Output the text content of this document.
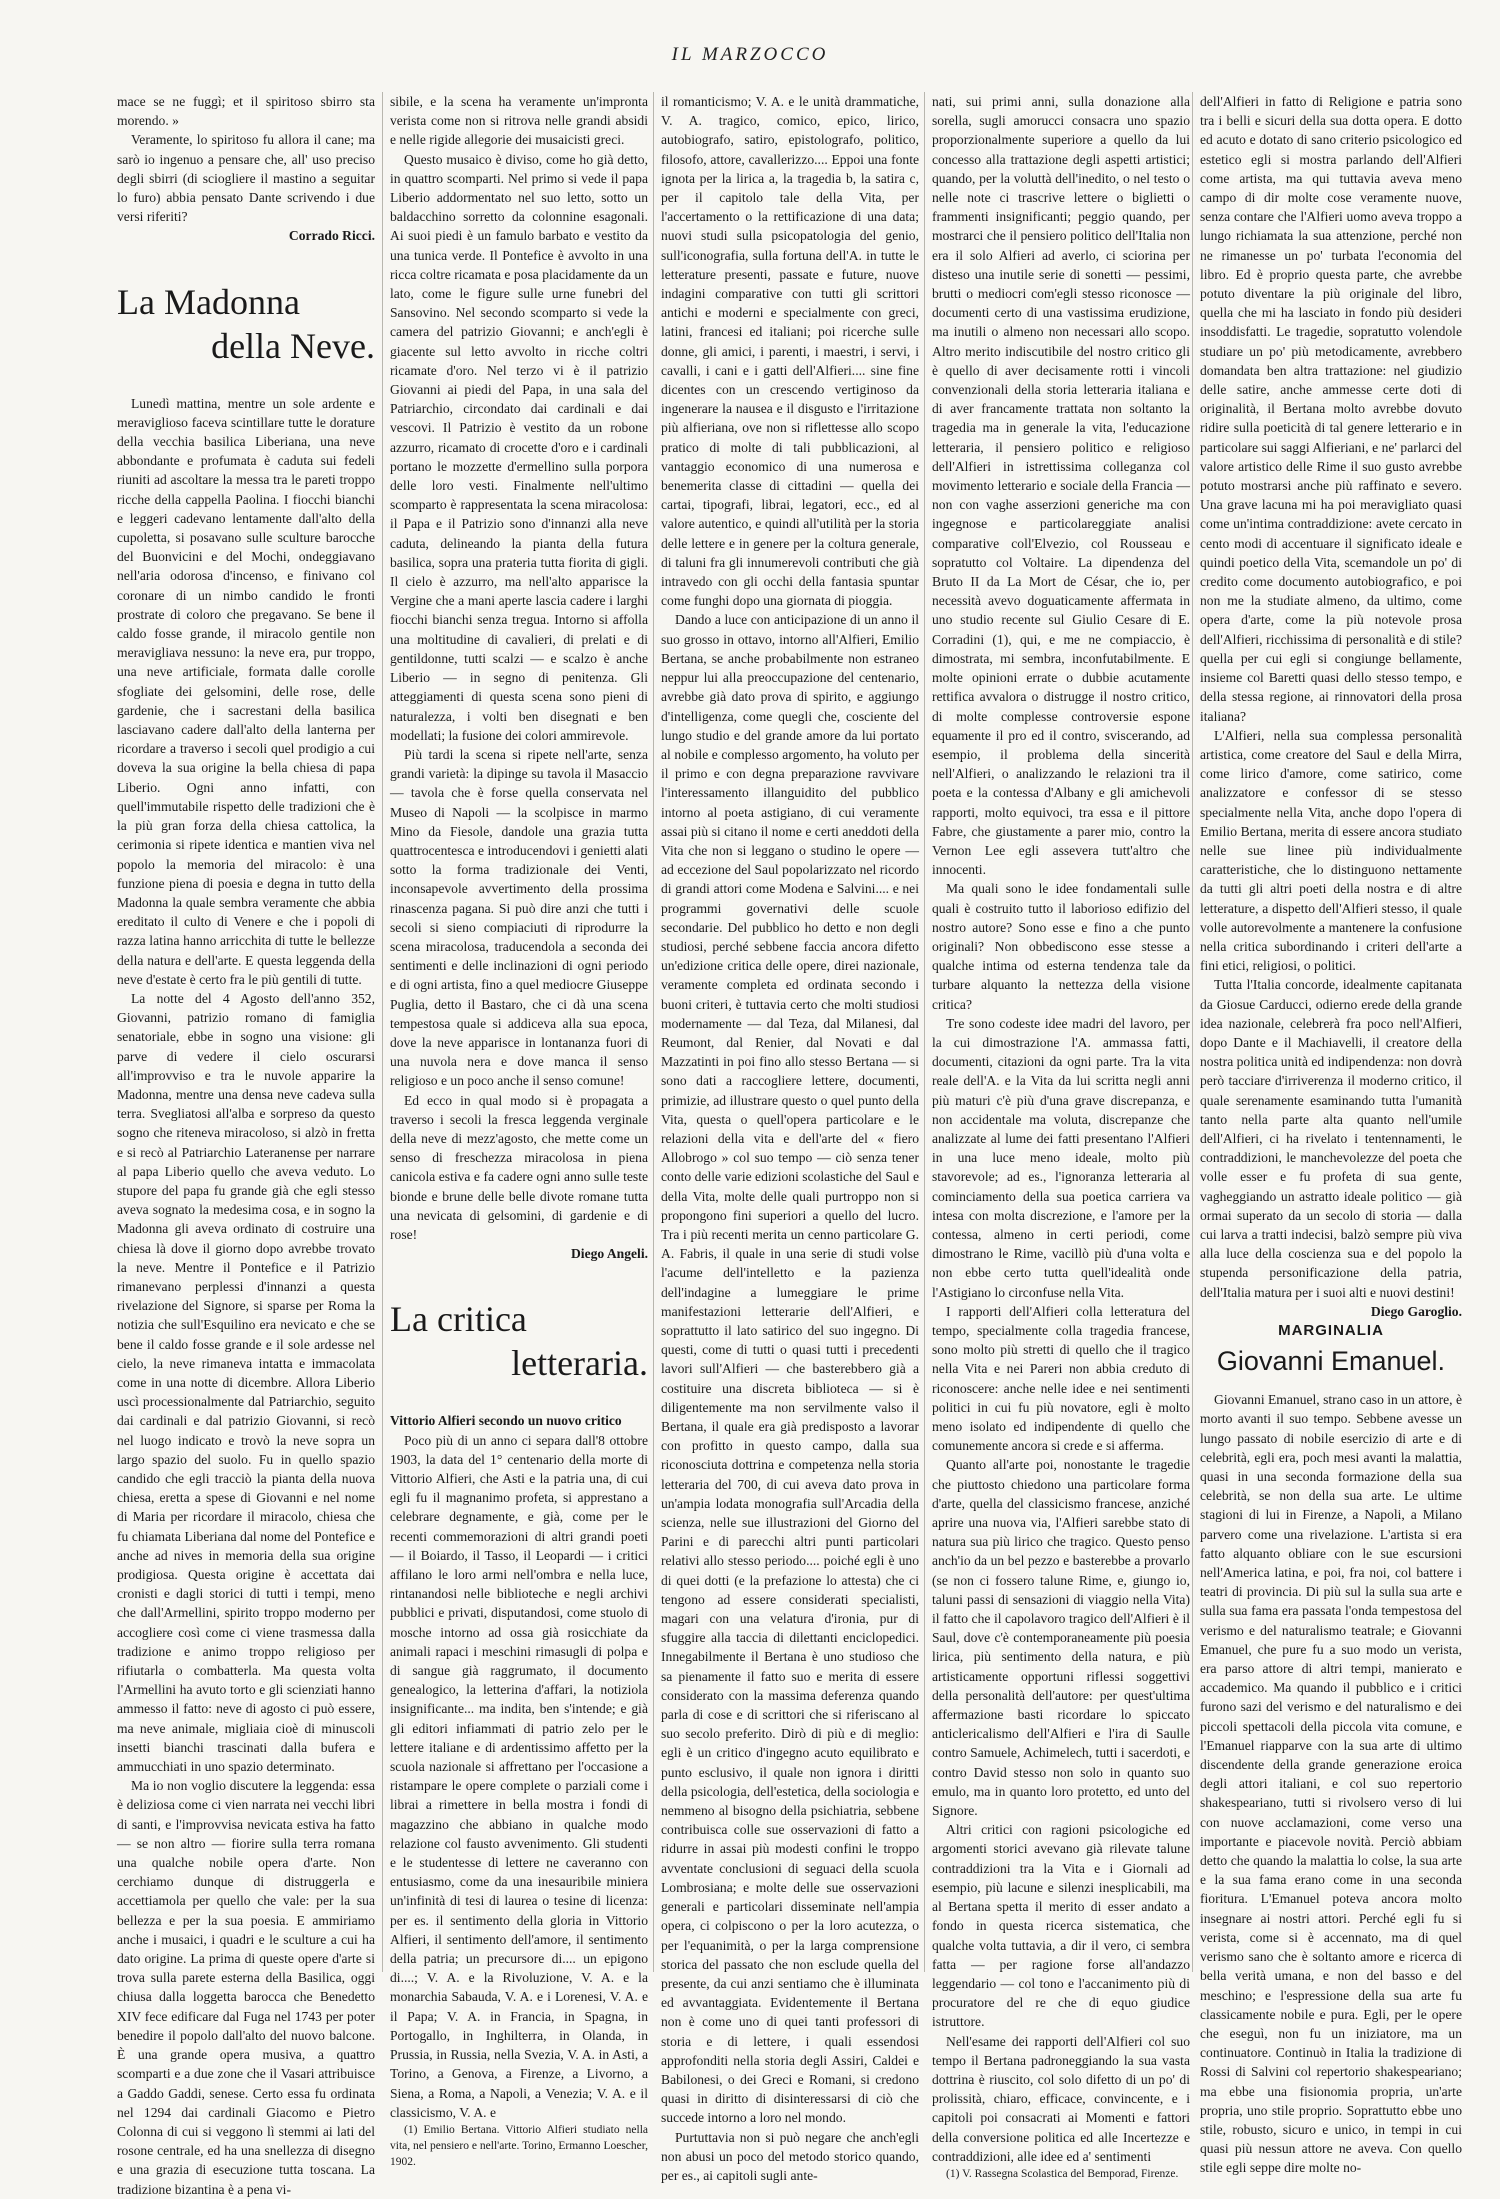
IL MARZOCCO

mace se ne fuggì; et il spiritoso sbirro sta morendo. »

Veramente, lo spiritoso fu allora il cane; ma sarò io ingenuo a pensare che, all' uso preciso degli sbirri (di sciogliere il mastino a seguitar lo furo) abbia pensato Dante scrivendo i due versi riferiti?

Corrado Ricci.

La Madonna
della Neve.

Lunedì mattina, mentre un sole ardente e meraviglioso faceva scintillare tutte le dorature della vecchia basilica Liberiana, una neve abbondante e profumata è caduta sui fedeli riuniti ad ascoltare la messa tra le pareti troppo ricche della cappella Paolina. I fiocchi bianchi e leggeri cadevano lentamente dall'alto della cupoletta, si posavano sulle sculture barocche del Buonvicini e del Mochi, ondeggiavano nell'aria odorosa d'incenso, e finivano col coronare di un nimbo candido le fronti prostrate di coloro che pregavano. Se bene il caldo fosse grande, il miracolo gentile non meravigliava nessuno: la neve era, pur troppo, una neve artificiale, formata dalle corolle sfogliate dei gelsomini, delle rose, delle gardenie, che i sacrestani della basilica lasciavano cadere dall'alto della lanterna per ricordare a traverso i secoli quel prodigio a cui doveva la sua origine la bella chiesa di papa Liberio. Ogni anno infatti, con quell'immutabile rispetto delle tradizioni che è la più gran forza della chiesa cattolica, la cerimonia si ripete identica e mantien viva nel popolo la memoria del miracolo: è una funzione piena di poesia e degna in tutto della Madonna la quale sembra veramente che abbia ereditato il culto di Venere e che i popoli di razza latina hanno arricchita di tutte le bellezze della natura e dell'arte. E questa leggenda della neve d'estate è certo fra le più gentili di tutte.

La notte del 4 Agosto dell'anno 352, Giovanni, patrizio romano di famiglia senatoriale, ebbe in sogno una visione: gli parve di vedere il cielo oscurarsi all'improvviso e tra le nuvole apparire la Madonna, mentre una densa neve cadeva sulla terra. Svegliatosi all'alba e sorpreso da questo sogno che riteneva miracoloso, si alzò in fretta e si recò al Patriarchio Lateranense per narrare al papa Liberio quello che aveva veduto. Lo stupore del papa fu grande già che egli stesso aveva sognato la medesima cosa, e in sogno la Madonna gli aveva ordinato di costruire una chiesa là dove il giorno dopo avrebbe trovato la neve. Mentre il Pontefice e il Patrizio rimanevano perplessi d'innanzi a questa rivelazione del Signore, si sparse per Roma la notizia che sull'Esquilino era nevicato e che se bene il caldo fosse grande e il sole ardesse nel cielo, la neve rimaneva intatta e immacolata come in una notte di dicembre. Allora Liberio uscì processionalmente dal Patriarchio, seguito dai cardinali e dal patrizio Giovanni, si recò nel luogo indicato e trovò la neve sopra un largo spazio del suolo. Fu in quello spazio candido che egli tracciò la pianta della nuova chiesa, eretta a spese di Giovanni e nel nome di Maria per ricordare il miracolo, chiesa che fu chiamata Liberiana dal nome del Pontefice e anche ad nives in memoria della sua origine prodigiosa. Questa origine è accettata dai cronisti e dagli storici di tutti i tempi, meno che dall'Armellini, spirito troppo moderno per accogliere così come ci viene trasmessa dalla tradizione e animo troppo religioso per rifiutarla o combatterla. Ma questa volta l'Armellini ha avuto torto e gli scienziati hanno ammesso il fatto: neve di agosto ci può essere, ma neve animale, migliaia cioè di minuscoli insetti bianchi trascinati dalla bufera e ammucchiati in uno spazio determinato.

Ma io non voglio discutere la leggenda: essa è deliziosa come ci vien narrata nei vecchi libri di santi, e l'improvvisa nevicata estiva ha fatto — se non altro — fiorire sulla terra romana una qualche nobile opera d'arte. Non cerchiamo dunque di distruggerla e accettiamola per quello che vale: per la sua bellezza e per la sua poesia. E ammiriamo anche i musaici, i quadri e le sculture a cui ha dato origine. La prima di queste opere d'arte si trova sulla parete esterna della Basilica, oggi chiusa dalla loggetta barocca che Benedetto XIV fece edificare dal Fuga nel 1743 per poter benedire il popolo dall'alto del nuovo balcone. È una grande opera musiva, a quattro scomparti e a due zone che il Vasari attribuisce a Gaddo Gaddi, senese. Certo essa fu ordinata nel 1294 dai cardinali Giacomo e Pietro Colonna di cui si veggono lì stemmi ai lati del rosone centrale, ed ha una snellezza di disegno e una grazia di esecuzione tutta toscana. La tradizione bizantina è a pena vi-

sibile, e la scena ha veramente un'impronta verista come non si ritrova nelle grandi absidi e nelle rigide allegorie dei musaicisti greci.

Questo musaico è diviso, come ho già detto, in quattro scomparti. Nel primo si vede il papa Liberio addormentato nel suo letto, sotto un baldacchino sorretto da colonnine esagonali. Ai suoi piedi è un famulo barbato e vestito da una tunica verde. Il Pontefice è avvolto in una ricca coltre ricamata e posa placidamente da un lato, come le figure sulle urne funebri del Sansovino. Nel secondo scomparto si vede la camera del patrizio Giovanni; e anch'egli è giacente sul letto avvolto in ricche coltri ricamate d'oro. Nel terzo vi è il patrizio Giovanni ai piedi del Papa, in una sala del Patriarchio, circondato dai cardinali e dai vescovi. Il Patrizio è vestito da un robone azzurro, ricamato di crocette d'oro e i cardinali portano le mozzette d'ermellino sulla porpora delle loro vesti. Finalmente nell'ultimo scomparto è rappresentata la scena miracolosa: il Papa e il Patrizio sono d'innanzi alla neve caduta, delineando la pianta della futura basilica, sopra una prateria tutta fiorita di gigli. Il cielo è azzurro, ma nell'alto apparisce la Vergine che a mani aperte lascia cadere i larghi fiocchi bianchi senza tregua. Intorno si affolla una moltitudine di cavalieri, di prelati e di gentildonne, tutti scalzi — e scalzo è anche Liberio — in segno di penitenza. Gli atteggiamenti di questa scena sono pieni di naturalezza, i volti ben disegnati e ben modellati; la fusione dei colori ammirevole.

Più tardi la scena si ripete nell'arte, senza grandi varietà: la dipinge su tavola il Masaccio — tavola che è forse quella conservata nel Museo di Napoli — la scolpisce in marmo Mino da Fiesole, dandole una grazia tutta quattrocentesca e introducendovi i genietti alati sotto la forma tradizionale dei Venti, inconsapevole avvertimento della prossima rinascenza pagana. Si può dire anzi che tutti i secoli si sieno compiaciuti di riprodurre la scena miracolosa, traducendola a seconda dei sentimenti e delle inclinazioni di ogni periodo e di ogni artista, fino a quel mediocre Giuseppe Puglia, detto il Bastaro, che ci dà una scena tempestosa quale si addiceva alla sua epoca, dove la neve apparisce in lontananza fuori di una nuvola nera e dove manca il senso religioso e un poco anche il senso comune!

Ed ecco in qual modo si è propagata a traverso i secoli la fresca leggenda verginale della neve di mezz'agosto, che mette come un senso di freschezza miracolosa in piena canicola estiva e fa cadere ogni anno sulle teste bionde e brune delle belle divote romane tutta una nevicata di gelsomini, di gardenie e di rose!

Diego Angeli.

La critica
letteraria.

Vittorio Alfieri secondo un nuovo critico

Poco più di un anno ci separa dall'8 ottobre 1903, la data del 1° centenario della morte di Vittorio Alfieri, che Asti e la patria una, di cui egli fu il magnanimo profeta, si apprestano a celebrare degnamente, e già, come per le recenti commemorazioni di altri grandi poeti — il Boiardo, il Tasso, il Leopardi — i critici affilano le loro armi nell'ombra e nella luce, rintanandosi nelle biblioteche e negli archivi pubblici e privati, disputandosi, come stuolo di mosche intorno ad ossa già rosicchiate da animali rapaci i meschini rimasugli di polpa e di sangue già raggrumato, il documento genealogico, la letterina d'affari, la notiziola insignificante... ma indita, ben s'intende; e già gli editori infiammati di patrio zelo per le lettere italiane e di ardentissimo affetto per la scuola nazionale si affrettano per l'occasione a ristampare le opere complete o parziali come i librai a rimettere in bella mostra i fondi di magazzino che abbiano in qualche modo relazione col fausto avvenimento. Gli studenti e le studentesse di lettere ne caveranno con entusiasmo, come da una inesauribile miniera un'infinità di tesi di laurea o tesine di licenza: per es. il sentimento della gloria in Vittorio Alfieri, il sentimento dell'amore, il sentimento della patria; un precursore di.... un epigono di....; V. A. e la Rivoluzione, V. A. e la monarchia Sabauda, V. A. e i Lorenesi, V. A. e il Papa; V. A. in Francia, in Spagna, in Portogallo, in Inghilterra, in Olanda, in Prussia, in Russia, nella Svezia, V. A. in Asti, a Torino, a Genova, a Firenze, a Livorno, a Siena, a Roma, a Napoli, a Venezia; V. A. e il classicismo, V. A. e

(1) Emilio Bertana. Vittorio Alfieri studiato nella vita, nel pensiero e nell'arte. Torino, Ermanno Loescher, 1902.

il romanticismo; V. A. e le unità drammatiche, V. A. tragico, comico, epico, lirico, autobiografo, satiro, epistolografo, politico, filosofo, attore, cavallerizzo.... Eppoi una fonte ignota per la lirica a, la tragedia b, la satira c, per il capitolo tale della Vita, per l'accertamento o la rettificazione di una data; nuovi studi sulla psicopatologia del genio, sull'iconografia, sulla fortuna dell'A. in tutte le letterature presenti, passate e future, nuove indagini comparative con tutti gli scrittori antichi e moderni e specialmente con greci, latini, francesi ed italiani; poi ricerche sulle donne, gli amici, i parenti, i maestri, i servi, i cavalli, i cani e i gatti dell'Alfieri.... sine fine dicentes con un crescendo vertiginoso da ingenerare la nausea e il disgusto e l'irritazione più alfieriana, ove non si riflettesse allo scopo pratico di molte di tali pubblicazioni, al vantaggio economico di una numerosa e benemerita classe di cittadini — quella dei cartai, tipografi, librai, legatori, ecc., ed al valore autentico, e quindi all'utilità per la storia delle lettere e in genere per la coltura generale, di taluni fra gli innumerevoli contributi che già intravedo con gli occhi della fantasia spuntar come funghi dopo una giornata di pioggia.

Dando a luce con anticipazione di un anno il suo grosso in ottavo, intorno all'Alfieri, Emilio Bertana, se anche probabilmente non estraneo neppur lui alla preoccupazione del centenario, avrebbe già dato prova di spirito, e aggiungo d'intelligenza, come quegli che, cosciente del lungo studio e del grande amore da lui portato al nobile e complesso argomento, ha voluto per il primo e con degna preparazione ravvivare l'interessamento illanguidito del pubblico intorno al poeta astigiano, di cui veramente assai più si citano il nome e certi aneddoti della Vita che non si leggano o studino le opere — ad eccezione del Saul popolarizzato nel ricordo di grandi attori come Modena e Salvini.... e nei programmi governativi delle scuole secondarie. Del pubblico ho detto e non degli studiosi, perché sebbene faccia ancora difetto un'edizione critica delle opere, direi nazionale, veramente completa ed ordinata secondo i buoni criteri, è tuttavia certo che molti studiosi modernamente — dal Teza, dal Milanesi, dal Reumont, dal Renier, dal Novati e dal Mazzatinti in poi fino allo stesso Bertana — si sono dati a raccogliere lettere, documenti, primizie, ad illustrare questo o quel punto della Vita, questa o quell'opera particolare e le relazioni della vita e dell'arte del « fiero Allobrogo » col suo tempo — ciò senza tener conto delle varie edizioni scolastiche del Saul e della Vita, molte delle quali purtroppo non si propongono fini superiori a quello del lucro. Tra i più recenti merita un cenno particolare G. A. Fabris, il quale in una serie di studi volse l'acume dell'intelletto e la pazienza dell'indagine a lumeggiare le prime manifestazioni letterarie dell'Alfieri, e soprattutto il lato satirico del suo ingegno. Di questi, come di tutti o quasi tutti i precedenti lavori sull'Alfieri — che basterebbero già a costituire una discreta biblioteca — si è diligentemente ma non servilmente valso il Bertana, il quale era già predisposto a lavorar con profitto in questo campo, dalla sua riconosciuta dottrina e competenza nella storia letteraria del 700, di cui aveva dato prova in un'ampia lodata monografia sull'Arcadia della scienza, nelle sue illustrazioni del Giorno del Parini e di parecchi altri punti particolari relativi allo stesso periodo.... poiché egli è uno di quei dotti (e la prefazione lo attesta) che ci tengono ad essere considerati specialisti, magari con una velatura d'ironia, pur di sfuggire alla taccia di dilettanti enciclopedici. Innegabilmente il Bertana è uno studioso che sa pienamente il fatto suo e merita di essere considerato con la massima deferenza quando parla di cose e di scrittori che si riferiscano al suo secolo preferito. Dirò di più e di meglio: egli è un critico d'ingegno acuto equilibrato e punto esclusivo, il quale non ignora i diritti della psicologia, dell'estetica, della sociologia e nemmeno al bisogno della psichiatria, sebbene contribuisca colle sue osservazioni di fatto a ridurre in assai più modesti confini le troppo avventate conclusioni di seguaci della scuola Lombrosiana; e molte delle sue osservazioni generali e particolari disseminate nell'ampia opera, ci colpiscono o per la loro acutezza, o per l'equanimità, o per la larga comprensione storica del passato che non esclude quella del presente, da cui anzi sentiamo che è illuminata ed avvantaggiata. Evidentemente il Bertana non è come uno di quei tanti professori di storia e di lettere, i quali essendosi approfonditi nella storia degli Assiri, Caldei e Babilonesi, o dei Greci e Romani, si credono quasi in diritto di disinteressarsi di ciò che succede intorno a loro nel mondo.

Purtuttavia non si può negare che anch'egli non abusi un poco del metodo storico quando, per es., ai capitoli sugli ante-

nati, sui primi anni, sulla donazione alla sorella, sugli amorucci consacra uno spazio proporzionalmente superiore a quello da lui concesso alla trattazione degli aspetti artistici; quando, per la voluttà dell'inedito, o nel testo o nelle note ci trascrive lettere o biglietti o frammenti insignificanti; peggio quando, per mostrarci che il pensiero politico dell'Italia non era il solo Alfieri ad averlo, ci sciorina per disteso una inutile serie di sonetti — pessimi, brutti o mediocri com'egli stesso riconosce — documenti certo di una vastissima erudizione, ma inutili o almeno non necessari allo scopo. Altro merito indiscutibile del nostro critico gli è quello di aver decisamente rotti i vincoli convenzionali della storia letteraria italiana e di aver francamente trattata non soltanto la tragedia ma in generale la vita, l'educazione letteraria, il pensiero politico e religioso dell'Alfieri in istrettissima colleganza col movimento letterario e sociale della Francia — non con vaghe asserzioni generiche ma con ingegnose e particolareggiate analisi comparative coll'Elvezio, col Rousseau e sopratutto col Voltaire. La dipendenza del Bruto II da La Mort de César, che io, per necessità avevo doguaticamente affermata in uno studio recente sul Giulio Cesare di E. Corradini (1), qui, e me ne compiaccio, è dimostrata, mi sembra, inconfutabilmente. E molte opinioni errate o dubbie acutamente rettifica avvalora o distrugge il nostro critico, di molte complesse controversie espone equamente il pro ed il contro, sviscerando, ad esempio, il problema della sincerità nell'Alfieri, o analizzando le relazioni tra il poeta e la contessa d'Albany e gli amichevoli rapporti, molto equivoci, tra essa e il pittore Fabre, che giustamente a parer mio, contro la Vernon Lee egli assevera tutt'altro che innocenti.

Ma quali sono le idee fondamentali sulle quali è costruito tutto il laborioso edifizio del nostro autore? Sono esse e fino a che punto originali? Non obbediscono esse stesse a qualche intima od esterna tendenza tale da turbare alquanto la nettezza della visione critica?

Tre sono codeste idee madri del lavoro, per la cui dimostrazione l'A. ammassa fatti, documenti, citazioni da ogni parte. Tra la vita reale dell'A. e la Vita da lui scritta negli anni più maturi c'è più d'una grave discrepanza, e non accidentale ma voluta, discrepanze che analizzate al lume dei fatti presentano l'Alfieri in una luce meno ideale, molto più stavorevole; ad es., l'ignoranza letteraria al cominciamento della sua poetica carriera va intesa con molta discrezione, e l'amore per la contessa, almeno in certi periodi, come dimostrano le Rime, vacillò più d'una volta e non ebbe certo tutta quell'idealità onde l'Astigiano lo circonfuse nella Vita.

I rapporti dell'Alfieri colla letteratura del tempo, specialmente colla tragedia francese, sono molto più stretti di quello che il tragico nella Vita e nei Pareri non abbia creduto di riconoscere: anche nelle idee e nei sentimenti politici in cui fu più novatore, egli è molto meno isolato ed indipendente di quello che comunemente ancora si crede e si afferma.

Quanto all'arte poi, nonostante le tragedie che piuttosto chiedono una particolare forma d'arte, quella del classicismo francese, anziché aprire una nuova via, l'Alfieri sarebbe stato di natura sua più lirico che tragico. Questo penso anch'io da un bel pezzo e basterebbe a provarlo (se non ci fossero talune Rime, e, giungo io, taluni passi di sensazioni di viaggio nella Vita) il fatto che il capolavoro tragico dell'Alfieri è il Saul, dove c'è contemporaneamente più poesia lirica, più sentimento della natura, e più artisticamente opportuni riflessi soggettivi della personalità dell'autore: per quest'ultima affermazione basti ricordare lo spiccato anticlericalismo dell'Alfieri e l'ira di Saulle contro Samuele, Achimelech, tutti i sacerdoti, e contro David stesso non solo in quanto suo emulo, ma in quanto loro protetto, ed unto del Signore.

Altri critici con ragioni psicologiche ed argomenti storici avevano già rilevate talune contraddizioni tra la Vita e i Giornali ad esempio, più lacune e silenzi inesplicabili, ma al Bertana spetta il merito di esser andato a fondo in questa ricerca sistematica, che qualche volta tuttavia, a dir il vero, ci sembra fatta — per ragione forse all'andazzo leggendario — col tono e l'accanimento più di procuratore del re che di equo giudice istruttore.

Nell'esame dei rapporti dell'Alfieri col suo tempo il Bertana padroneggiando la sua vasta dottrina è riuscito, col solo difetto di un po' di prolissità, chiaro, efficace, convincente, e i capitoli poi consacrati ai Momenti e fattori della conversione politica ed alle Incertezze e contraddizioni, alle idee ed a' sentimenti

(1) V. Rassegna Scolastica del Bemporad, Firenze.

dell'Alfieri in fatto di Religione e patria sono tra i belli e sicuri della sua dotta opera. E dotto ed acuto e dotato di sano criterio psicologico ed estetico egli si mostra parlando dell'Alfieri come artista, ma qui tuttavia aveva meno campo di dir molte cose veramente nuove, senza contare che l'Alfieri uomo aveva troppo a lungo richiamata la sua attenzione, perché non ne rimanesse un po' turbata l'economia del libro. Ed è proprio questa parte, che avrebbe potuto diventare la più originale del libro, quella che mi ha lasciato in fondo più desideri insoddisfatti. Le tragedie, sopratutto volendole studiare un po' più metodicamente, avrebbero domandata ben altra trattazione: nel giudizio delle satire, anche ammesse certe doti di originalità, il Bertana molto avrebbe dovuto ridire sulla poeticità di tal genere letterario e in particolare sui saggi Alfieriani, e ne' parlarci del valore artistico delle Rime il suo gusto avrebbe potuto mostrarsi anche più raffinato e severo. Una grave lacuna mi ha poi meravigliato quasi come un'intima contraddizione: avete cercato in cento modi di accentuare il significato ideale e quindi poetico della Vita, scemandole un po' di credito come documento autobiografico, e poi non me la studiate almeno, da ultimo, come opera d'arte, come la più notevole prosa dell'Alfieri, ricchissima di personalità e di stile? quella per cui egli si congiunge bellamente, insieme col Baretti quasi dello stesso tempo, e della stessa regione, ai rinnovatori della prosa italiana?

L'Alfieri, nella sua complessa personalità artistica, come creatore del Saul e della Mirra, come lirico d'amore, come satirico, come analizzatore e confessor di se stesso specialmente nella Vita, anche dopo l'opera di Emilio Bertana, merita di essere ancora studiato nelle sue linee più individualmente caratteristiche, che lo distinguono nettamente da tutti gli altri poeti della nostra e di altre letterature, a dispetto dell'Alfieri stesso, il quale volle autorevolmente a mantenere la confusione nella critica subordinando i criteri dell'arte a fini etici, religiosi, o politici.

Tutta l'Italia concorde, idealmente capitanata da Giosue Carducci, odierno erede della grande idea nazionale, celebrerà fra poco nell'Alfieri, dopo Dante e il Machiavelli, il creatore della nostra politica unità ed indipendenza: non dovrà però tacciare d'irriverenza il moderno critico, il quale serenamente esaminando tutta l'umanità tanto nella parte alta quanto nell'umile dell'Alfieri, ci ha rivelato i tentennamenti, le contraddizioni, le manchevolezze del poeta che volle esser e fu profeta di sua gente, vagheggiando un astratto ideale politico — già ormai superato da un secolo di storia — dalla cui larva a tratti indecisi, balzò sempre più viva alla luce della coscienza sua e del popolo la stupenda personificazione della patria, dell'Italia matura per i suoi alti e nuovi destini!

Diego Garoglio.

MARGINALIA

Giovanni Emanuel.

Giovanni Emanuel, strano caso in un attore, è morto avanti il suo tempo. Sebbene avesse un lungo passato di nobile esercizio di arte e di celebrità, egli era, poch mesi avanti la malattia, quasi in una seconda formazione della sua celebrità, se non della sua arte. Le ultime stagioni di lui in Firenze, a Napoli, a Milano parvero come una rivelazione. L'artista si era fatto alquanto obliare con le sue escursioni nell'America latina, e poi, fra noi, col battere i teatri di provincia. Di più sul la sulla sua arte e sulla sua fama era passata l'onda tempestosa del verismo e del naturalismo teatrale; e Giovanni Emanuel, che pure fu a suo modo un verista, era parso attore di altri tempi, manierato e accademico. Ma quando il pubblico e i critici furono sazi del verismo e del naturalismo e dei piccoli spettacoli della piccola vita comune, e l'Emanuel riapparve con la sua arte di ultimo discendente della grande generazione eroica degli attori italiani, e col suo repertorio shakespeariano, tutti si rivolsero verso di lui con nuove acclamazioni, come verso una importante e piacevole novità. Perciò abbiam detto che quando la malattia lo colse, la sua arte e la sua fama erano come in una seconda fioritura. L'Emanuel poteva ancora molto insegnare ai nostri attori. Perché egli fu si verista, come si è accennato, ma di quel verismo sano che è soltanto amore e ricerca di bella verità umana, e non del basso e del meschino; e l'espressione della sua arte fu classicamente nobile e pura. Egli, per le opere che eseguì, non fu un iniziatore, ma un continuatore. Continuò in Italia la tradizione di Rossi di Salvini col repertorio shakespeariano; ma ebbe una fisionomia propria, un'arte propria, uno stile proprio. Soprattutto ebbe uno stile, robusto, sicuro e unico, in tempi in cui quasi più nessun attore ne aveva. Con quello stile egli seppe dire molte no-
